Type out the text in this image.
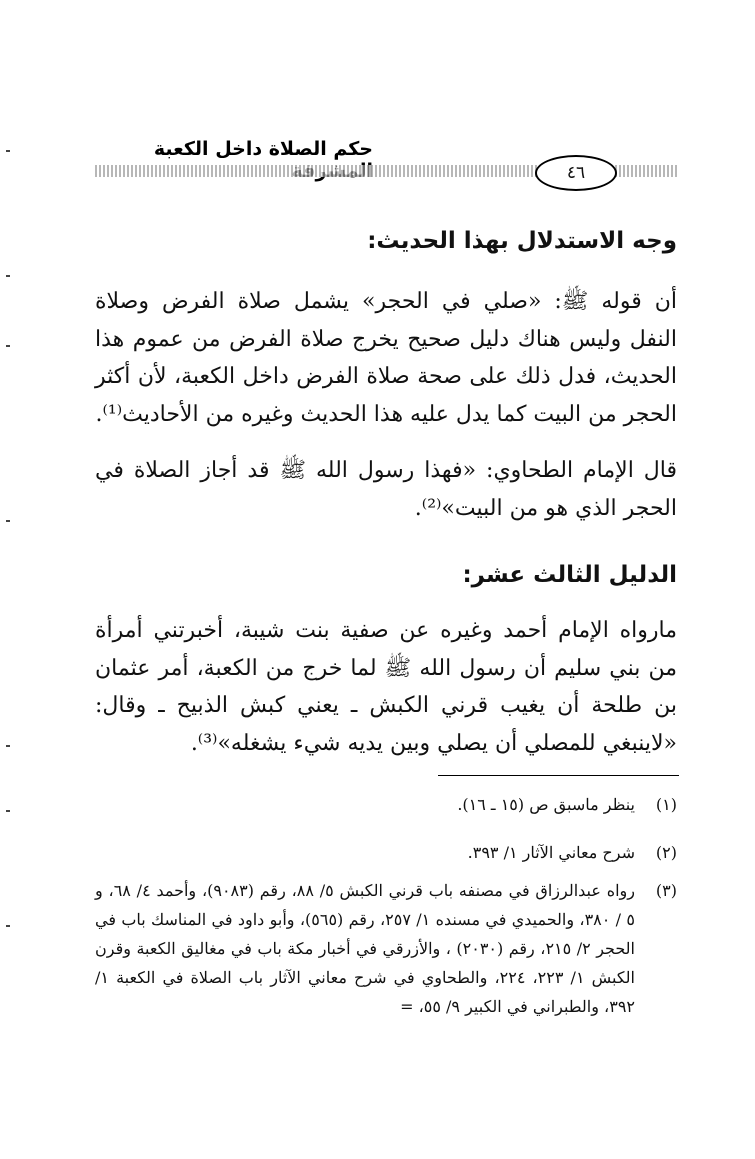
حكم الصلاة داخل الكعبة
٤٦
وجه الاستدلال بهذا الحديث:
أن قوله ﷺ: «صلي في الحجر» يشمل صلاة الفرض وصلاة النفل وليس هناك دليل صحيح يخرج صلاة الفرض من عموم هذا الحديث، فدل ذلك على صحة صلاة الفرض داخل الكعبة، لأن أكثر الحجر من البيت كما يدل عليه هذا الحديث وغيره من الأحاديث⁽¹⁾.
قال الإمام الطحاوي: «فهذا رسول الله ﷺ قد أجاز الصلاة في الحجر الذي هو من البيت»⁽²⁾.
الدليل الثالث عشر:
مارواه الإمام أحمد وغيره عن صفية بنت شيبة، أخبرتني أمرأة من بني سليم أن رسول الله ﷺ لما خرج من الكعبة، أمر عثمان بن طلحة أن يغيب قرني الكبش ـ يعني كبش الذبيح ـ وقال: «لاينبغي للمصلي أن يصلي وبين يديه شيء يشغله»⁽³⁾.
(١)
ينظر ماسبق ص (١٥ ـ ١٦).
(٢)
شرح معاني الآثار ١/ ٣٩٣.
(٣)
رواه عبدالرزاق في مصنفه باب قرني الكبش ٥/ ٨٨، رقم (٩٠٨٣)، وأحمد ٤/ ٦٨، و ٥ / ٣٨٠، والحميدي في مسنده ١/ ٢٥٧، رقم (٥٦٥)، وأبو داود في المناسك باب في الحجر ٢/ ٢١٥، رقم (٢٠٣٠) ، والأزرقي في أخبار مكة باب في مغاليق الكعبة وقرن الكبش ١/ ٢٢٣، ٢٢٤، والطحاوي في شرح معاني الآثار باب الصلاة في الكعبة ١/ ٣٩٢، والطبراني في الكبير ٩/ ٥٥، =
